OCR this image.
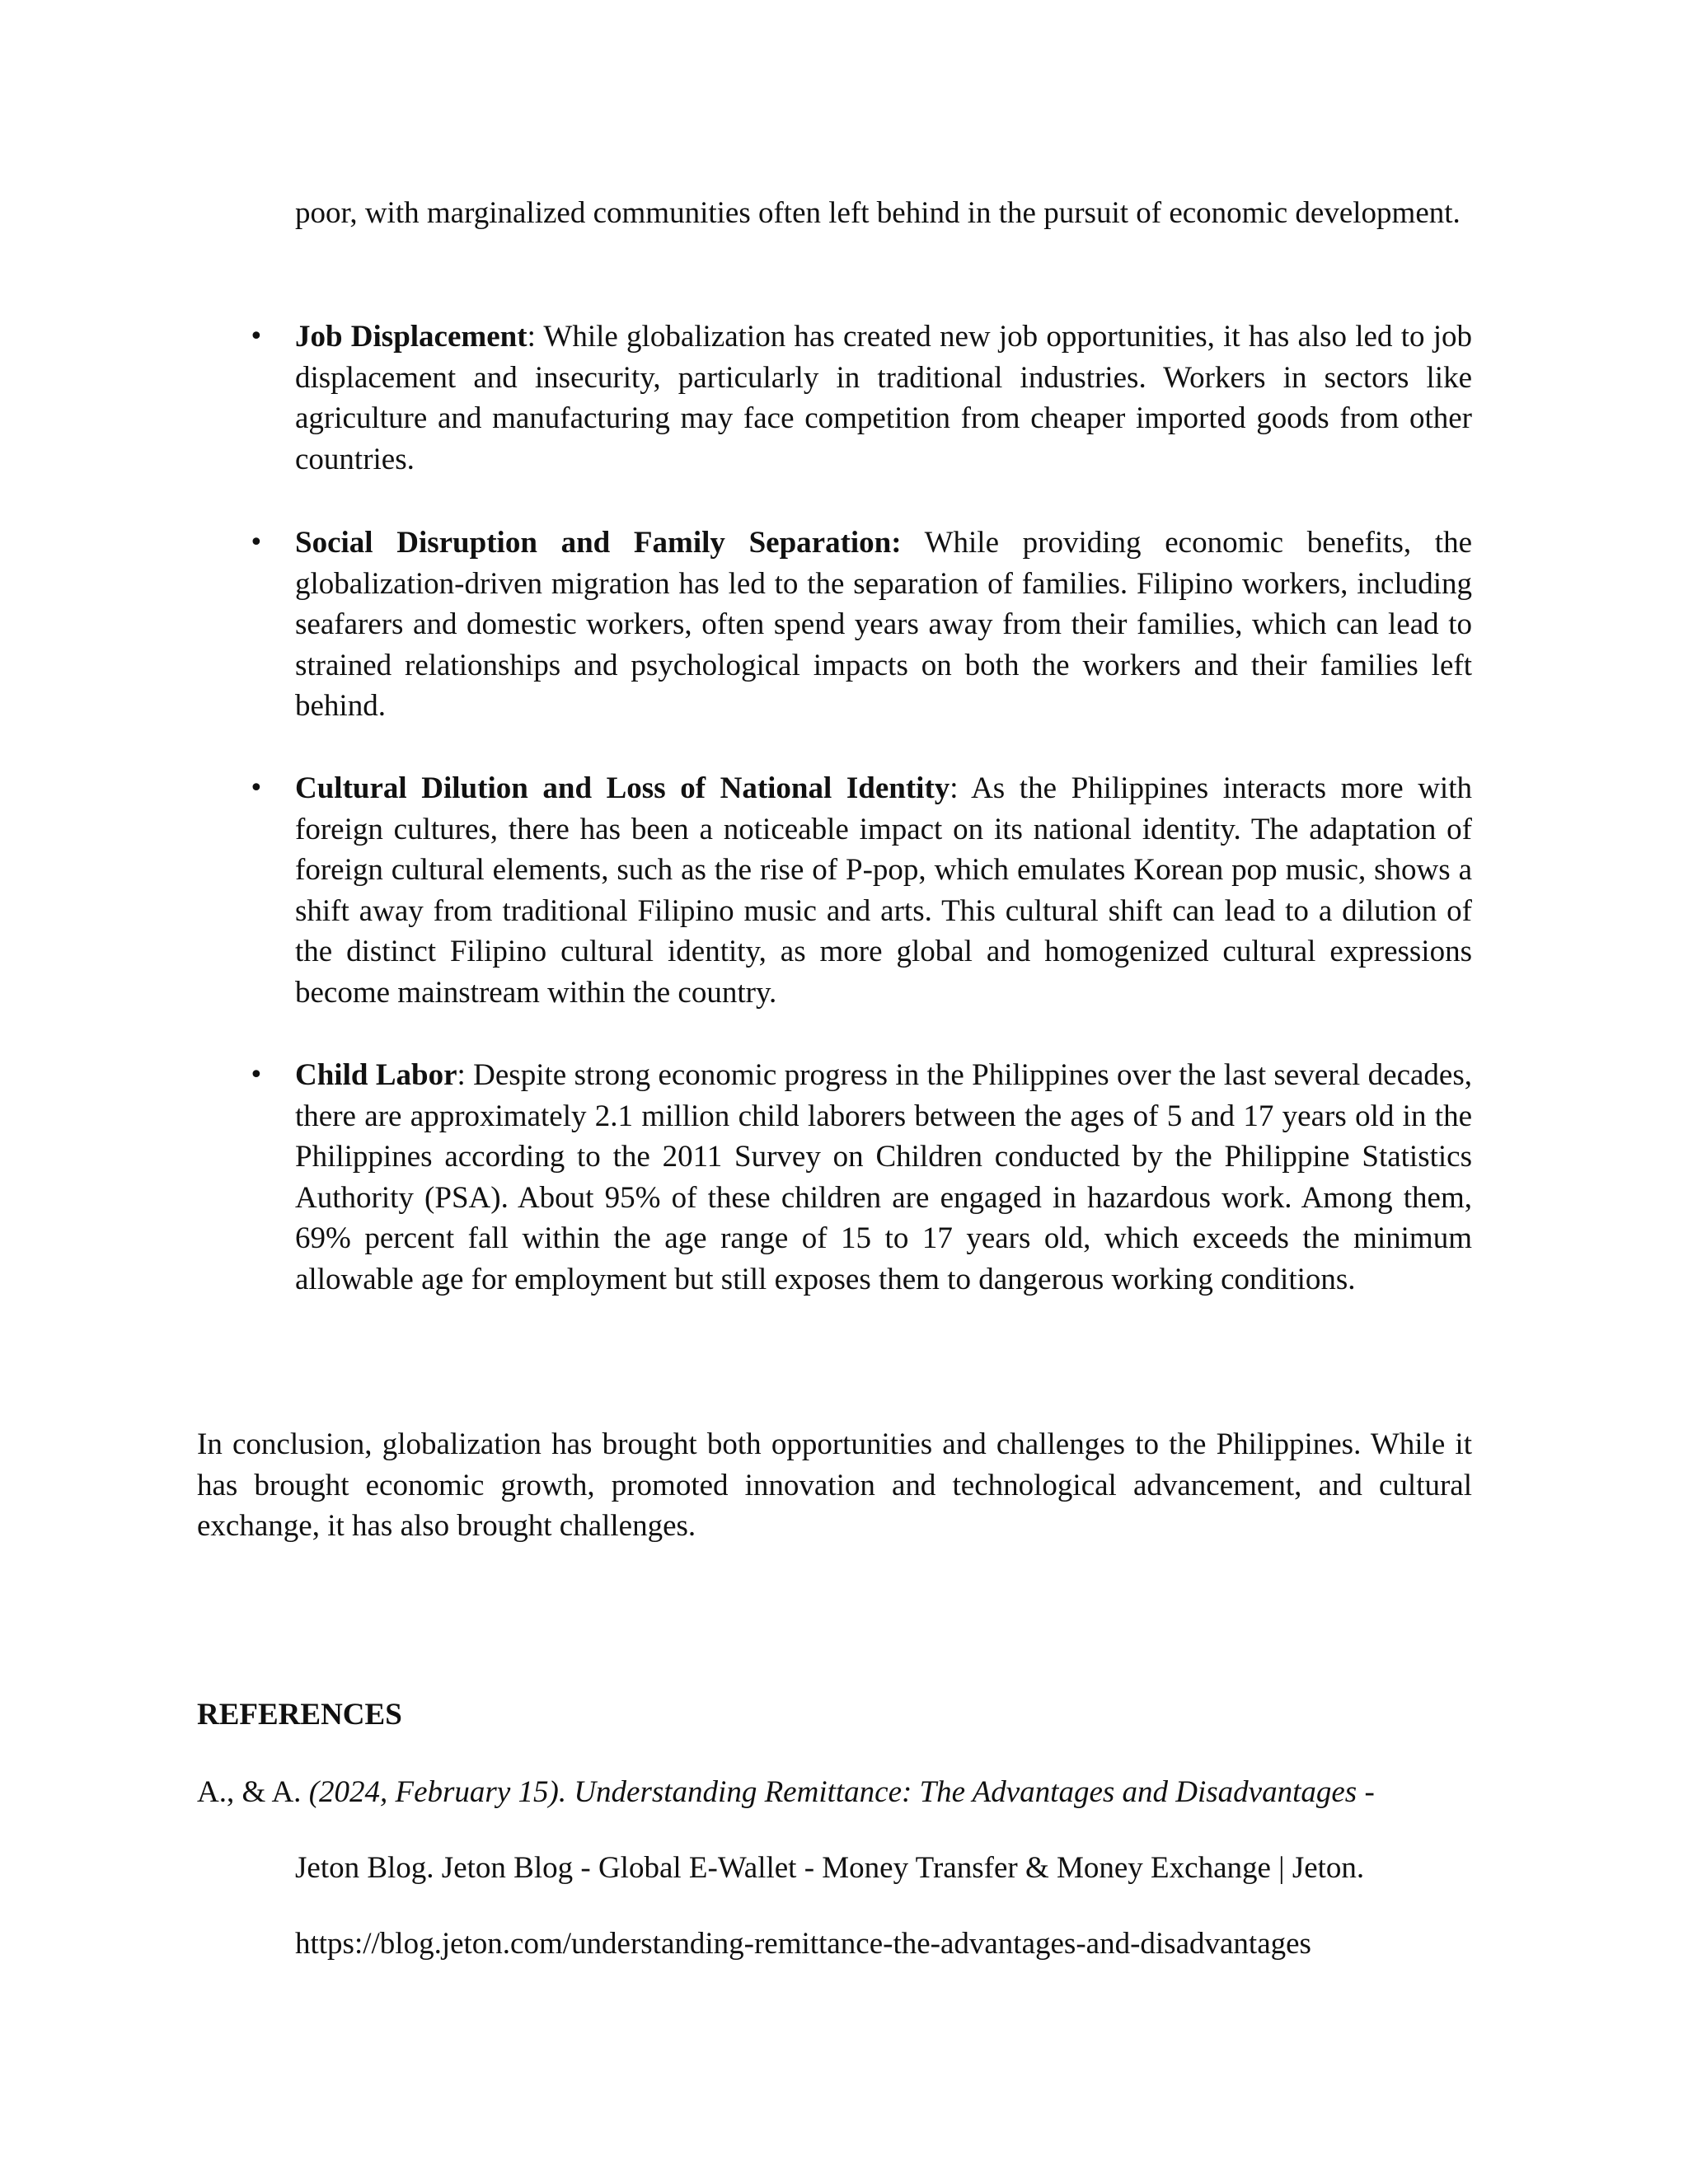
poor, with marginalized communities often left behind in the pursuit of economic development.

•	Job Displacement: While globalization has created new job opportunities, it has also led to job displacement and insecurity, particularly in traditional industries. Workers in sectors like agriculture and manufacturing may face competition from cheaper imported goods from other countries.
•	Social Disruption and Family Separation: While providing economic benefits, the globalization-driven migration has led to the separation of families. Filipino workers, including seafarers and domestic workers, often spend years away from their families, which can lead to strained relationships and psychological impacts on both the workers and their families left behind.
•	Cultural Dilution and Loss of National Identity: As the Philippines interacts more with foreign cultures, there has been a noticeable impact on its national identity. The adaptation of foreign cultural elements, such as the rise of P-pop, which emulates Korean pop music, shows a shift away from traditional Filipino music and arts. This cultural shift can lead to a dilution of the distinct Filipino cultural identity, as more global and homogenized cultural expressions become mainstream within the country.
•	Child Labor: Despite strong economic progress in the Philippines over the last several decades, there are approximately 2.1 million child laborers between the ages of 5 and 17 years old in the Philippines according to the 2011 Survey on Children conducted by the Philippine Statistics Authority (PSA). About 95% of these children are engaged in hazardous work. Among them, 69% percent fall within the age range of 15 to 17 years old, which exceeds the minimum allowable age for employment but still exposes them to dangerous working conditions.

In conclusion, globalization has brought both opportunities and challenges to the Philippines. While it has brought economic growth, promoted innovation and technological advancement, and cultural exchange, it has also brought challenges.

REFERENCES

A., & A. (2024, February 15). Understanding Remittance: The Advantages and Disadvantages -

Jeton Blog. Jeton Blog - Global E-Wallet - Money Transfer & Money Exchange | Jeton.

https://blog.jeton.com/understanding-remittance-the-advantages-and-disadvantages
